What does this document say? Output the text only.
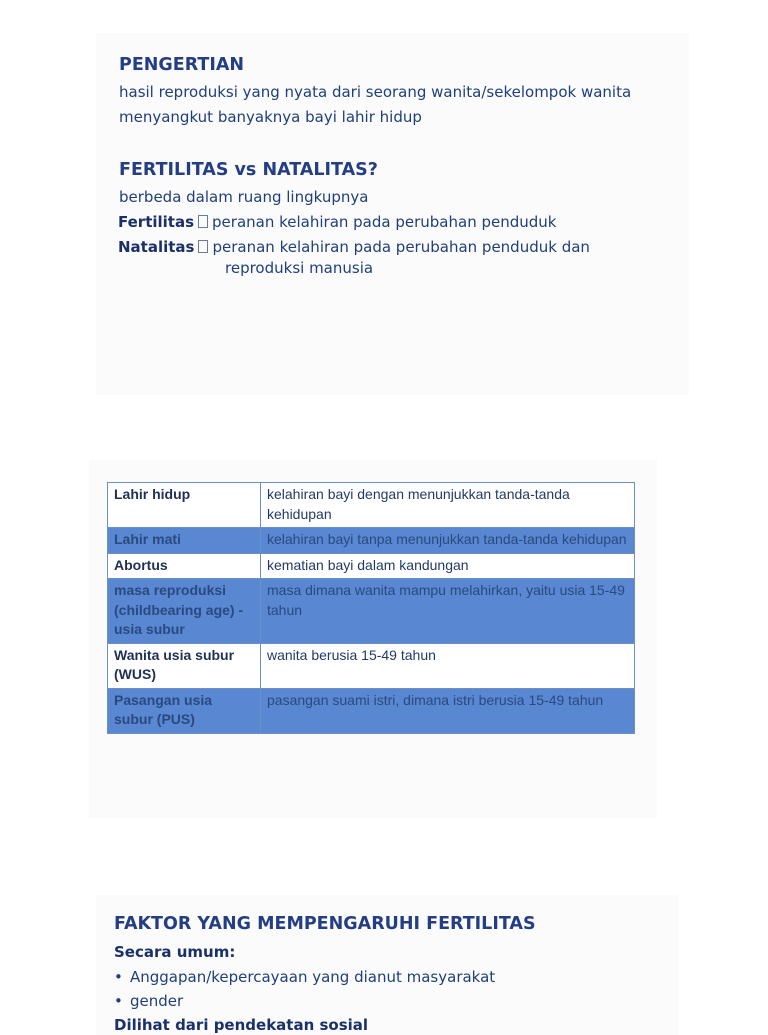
PENGERTIAN
hasil reproduksi yang nyata dari seorang wanita/sekelompok wanita
menyangkut banyaknya bayi lahir hidup
FERTILITAS vs NATALITAS?
berbeda dalam ruang lingkupnya
Fertilitas peranan kelahiran pada perubahan penduduk
Natalitas peranan kelahiran pada perubahan penduduk dan
reproduksi manusia
Lahir hidup	kelahiran bayi dengan menunjukkan tanda-tanda kehidupan
Lahir mati	kelahiran bayi tanpa menunjukkan tanda-tanda kehidupan
Abortus	kematian bayi dalam kandungan
masa reproduksi (childbearing age) - usia subur	masa dimana wanita mampu melahirkan, yaitu usia 15-49 tahun
Wanita usia subur (WUS)	wanita berusia 15-49 tahun
Pasangan usia subur (PUS)	pasangan suami istri, dimana istri berusia 15-49 tahun
FAKTOR YANG MEMPENGARUHI FERTILITAS
Secara umum:
• Anggapan/kepercayaan yang dianut masyarakat
• gender
Dilihat dari pendekatan sosial
